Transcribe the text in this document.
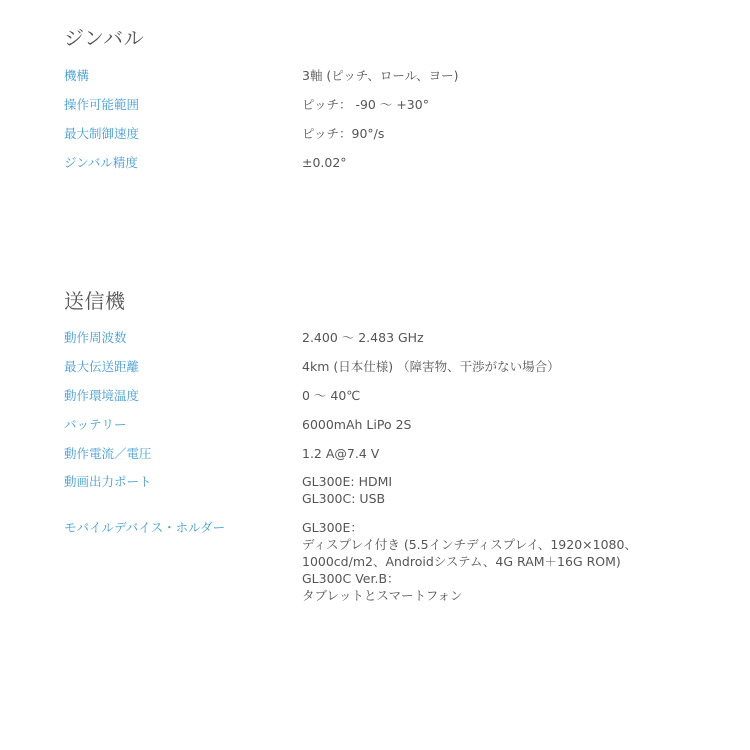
ジンバル
機構	3軸 (ピッチ、ロール、ヨー)
操作可能範囲	ピッチ： -90 ～ +30°
最大制御速度	ピッチ：90°/s
ジンバル精度	±0.02°
送信機
動作周波数	2.400 ～ 2.483 GHz
最大伝送距離	4km (日本仕様) （障害物、干渉がない場合）
動作環境温度	0 ～ 40℃
バッテリー	6000mAh LiPo 2S
動作電流／電圧	1.2 A@7.4 V
動画出力ポート	GL300E: HDMI
GL300C: USB
モバイルデバイス・ホルダー	GL300E：
ディスプレイ付き (5.5インチディスプレイ、1920×1080、
1000cd/m2、Androidシステム、4G RAM＋16G ROM)
GL300C Ver.B：
タブレットとスマートフォン
